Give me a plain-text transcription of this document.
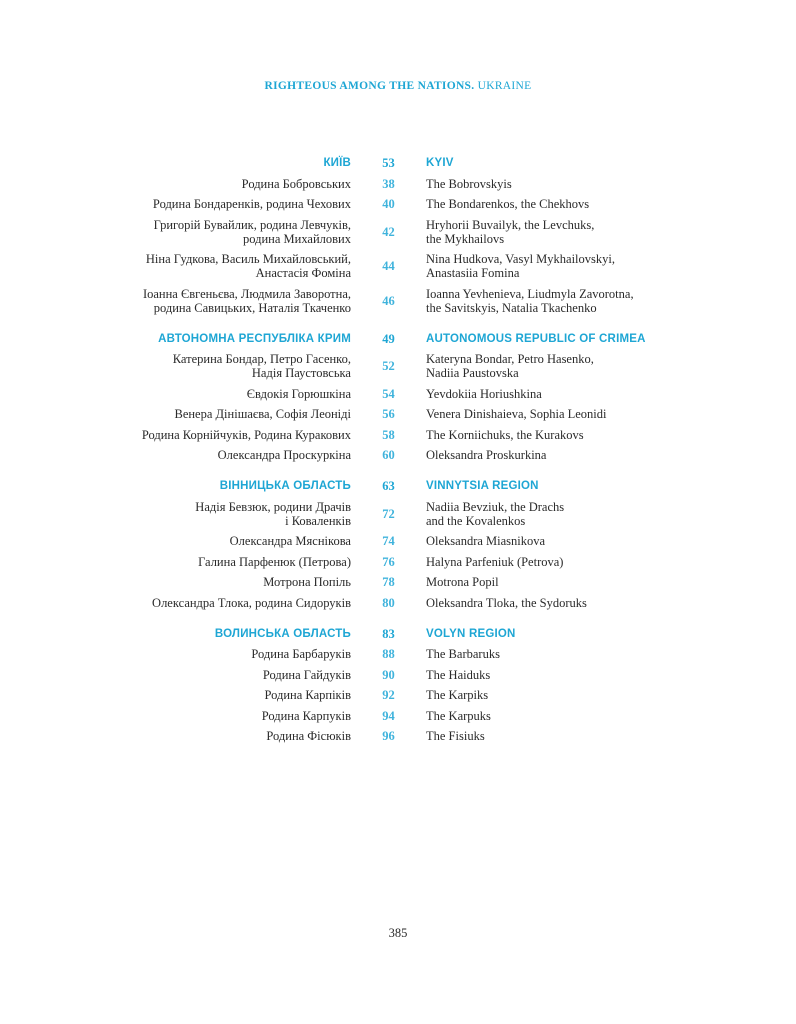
RIGHTEOUS AMONG THE NATIONS. UKRAINE
КИЇВ	53	KYIV
Родина Бобровських	38	The Bobrovskyis
Родина Бондаренків, родина Чехових	40	The Bondarenkos, the Chekhovs
Григорій Бувайлик, родина Левчуків,
родина Михайлових	42	Hryhorii Buvailyk, the Levchuks,
the Mykhailovs
Ніна Гудкова, Василь Михайловський,
Анастасія Фоміна	44	Nina Hudkova, Vasyl Mykhailovskyi,
Anastasiia Fomina
Іоанна Євгеньєва, Людмила Заворотна,
родина Савицьких, Наталія Ткаченко	46	Ioanna Yevhenieva, Liudmyla Zavorotna,
the Savitskyis, Natalia Tkachenko
АВТОНОМНА РЕСПУБЛІКА КРИМ	49	AUTONOMOUS REPUBLIC OF CRIMEA
Катерина Бондар, Петро Гасенко,
Надія Паустовська	52	Kateryna Bondar, Petro Hasenko,
Nadiia Paustovska
Євдокія Горюшкіна	54	Yevdokiia Horiushkina
Венера Дінішаєва, Софія Леоніді	56	Venera Dinishaieva, Sophia Leonidi
Родина Корнійчуків, Родина Куракових	58	The Korniichuks, the Kurakovs
Олександра Проскуркіна	60	Oleksandra Proskurkina
ВІННИЦЬКА ОБЛАСТЬ	63	VINNYTSIA REGION
Надія Бевзюк, родини Драчів
і Коваленків	72	Nadiia Bevziuk, the Drachs
and the Kovalenkos
Олександра Мяснікова	74	Oleksandra Miasnikova
Галина Парфенюк (Петрова)	76	Halyna Parfeniuk (Petrova)
Мотрона Попіль	78	Motrona Popil
Олександра Тлока, родина Сидоруків	80	Oleksandra Tloka, the Sydoruks
ВОЛИНСЬКА ОБЛАСТЬ	83	VOLYN REGION
Родина Барбаруків	88	The Barbaruks
Родина Гайдуків	90	The Haiduks
Родина Карпіків	92	The Karpiks
Родина Карпуків	94	The Karpuks
Родина Фісюків	96	The Fisiuks
385
